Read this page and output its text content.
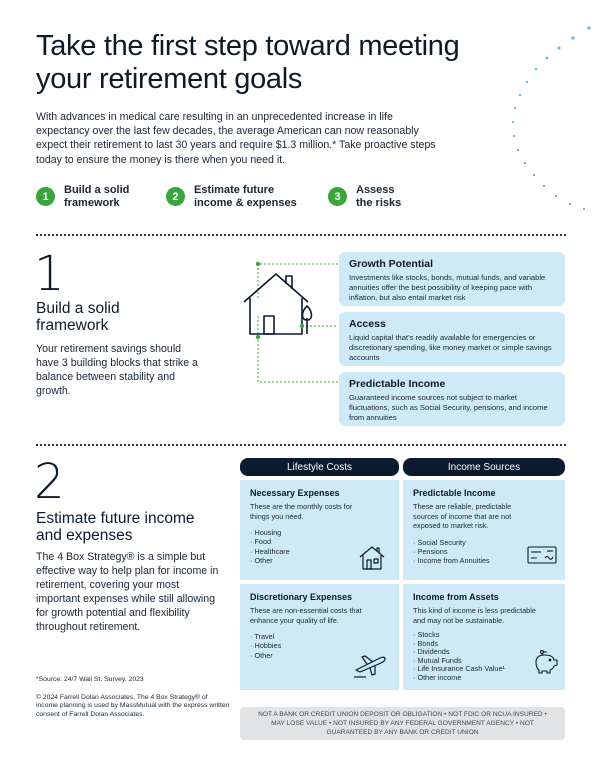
Take the first step toward meeting your retirement goals
With advances in medical care resulting in an unprecedented increase in life expectancy over the last few decades, the average American can now reasonably expect their retirement to last 30 years and require $1.3 million.* Take proactive steps today to ensure the money is there when you need it.
1
Build a solid
framework	2
Estimate future
income & expenses	3
Assess
the risks
1
Build a solid framework
Your retirement savings should have 3 building blocks that strike a balance between stability and growth.
Growth Potential
Investments like stocks, bonds, mutual funds, and variable annuities offer the best possibility of keeping pace with inflation, but also entail market risk
Access
Liquid capital that's readily available for emergencies or discretionary spending, like money market or simple savings accounts
Predictable Income
Guaranteed income sources not subject to market fluctuations, such as Social Security, pensions, and income from annuities
2
Estimate future income and expenses
The 4 Box Strategy® is a simple but effective way to help plan for income in retirement, covering your most important expenses while still allowing for growth potential and flexibility throughout retirement.
Lifestyle Costs	Income Sources
Necessary Expenses
These are the monthly costs for things you need.
· Housing
· Food
· Healthcare
· Other
Predictable Income
These are reliable, predictable sources of income that are not exposed to market risk.
· Social Security
· Pensions
· Income from Annuities
Discretionary Expenses
These are non-essential costs that enhance your quality of life.
· Travel
· Hobbies
· Other
Income from Assets
This kind of income is less predictable and may not be sustainable.
· Stocks
· Bonds
· Dividends
· Mutual Funds
· Life Insurance Cash Value¹
· Other income
*Source: 24/7 Wall St. Survey, 2023
© 2024 Farrell Dolan Associates. The 4 Box Strategy® of income planning is used by MassMutual with the express written consent of Farrell Dolan Associates.	NOT A BANK OR CREDIT UNION DEPOSIT OR OBLIGATION • NOT FDIC OR NCUA INSURED • MAY LOSE VALUE • NOT INSURED BY ANY FEDERAL GOVERNMENT AGENCY • NOT GUARANTEED BY ANY BANK OR CREDIT UNION
